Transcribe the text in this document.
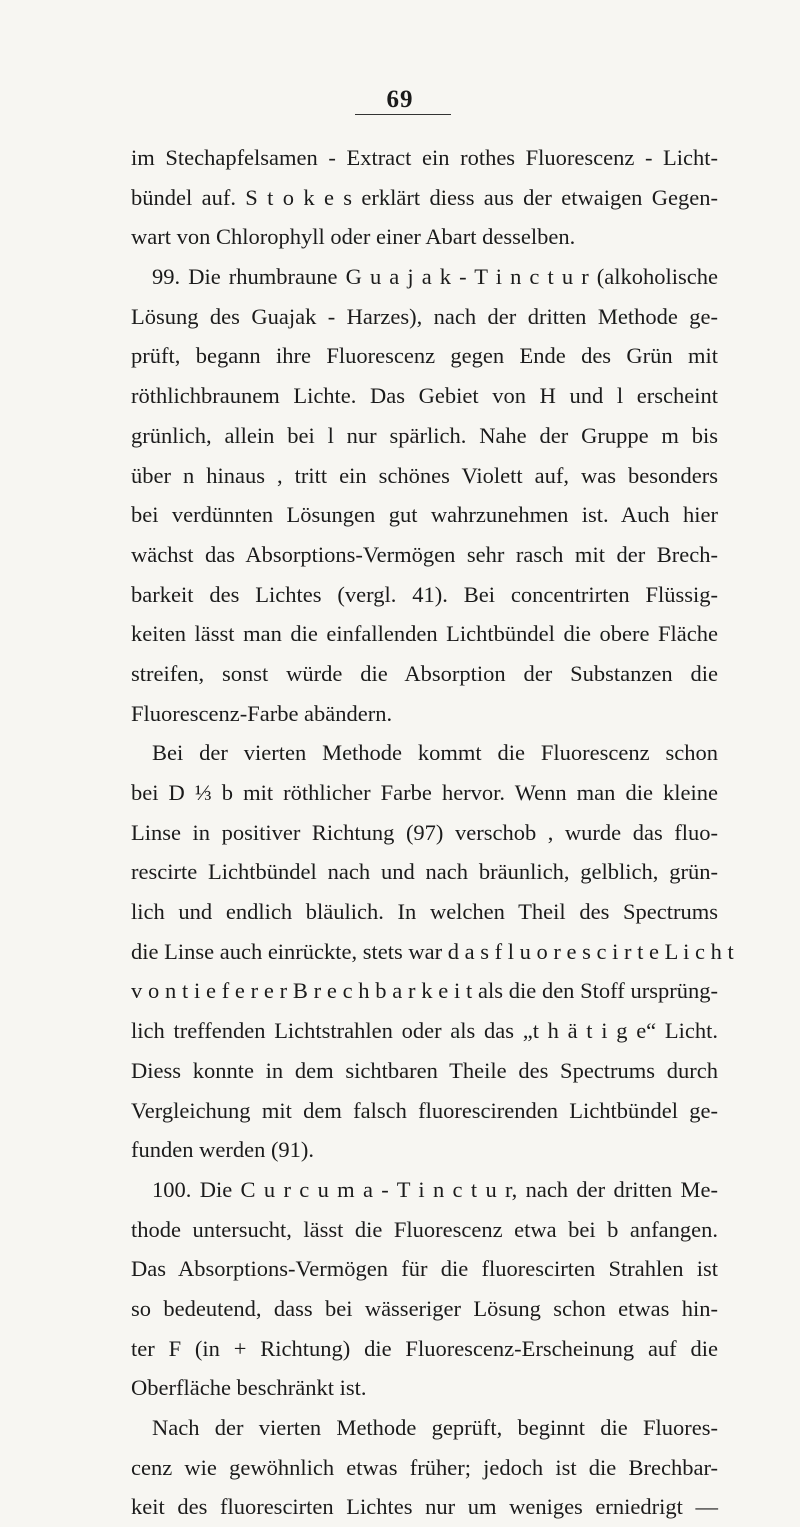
69
im Stechapfelsamen - Extract ein rothes Fluorescenz - Licht-
bündel auf. S t o k e s erklärt diess aus der etwaigen Gegen-
wart von Chlorophyll oder einer Abart desselben.
99. Die rhumbraune G u a j a k - T i n c t u r (alkoholische
Lösung des Guajak - Harzes), nach der dritten Methode ge-
prüft, begann ihre Fluorescenz gegen Ende des Grün mit
röthlichbraunem Lichte. Das Gebiet von H und l erscheint
grünlich, allein bei l nur spärlich. Nahe der Gruppe m bis
über n hinaus , tritt ein schönes Violett auf, was besonders
bei verdünnten Lösungen gut wahrzunehmen ist. Auch hier
wächst das Absorptions-Vermögen sehr rasch mit der Brech-
barkeit des Lichtes (vergl. 41). Bei concentrirten Flüssig-
keiten lässt man die einfallenden Lichtbündel die obere Fläche
streifen, sonst würde die Absorption der Substanzen die
Fluorescenz-Farbe abändern.
Bei der vierten Methode kommt die Fluorescenz schon
bei D ⅓ b mit röthlicher Farbe hervor. Wenn man die kleine
Linse in positiver Richtung (97) verschob , wurde das fluo-
rescirte Lichtbündel nach und nach bräunlich, gelblich, grün-
lich und endlich bläulich. In welchen Theil des Spectrums
die Linse auch einrückte, stets war d a s f l u o r e s c i r t e L i c h t
v o n t i e f e r e r B r e c h b a r k e i t als die den Stoff ursprüng-
lich treffenden Lichtstrahlen oder als das „t h ä t i g e“ Licht.
Diess konnte in dem sichtbaren Theile des Spectrums durch
Vergleichung mit dem falsch fluorescirenden Lichtbündel ge-
funden werden (91).
100. Die C u r c u m a - T i n c t u r, nach der dritten Me-
thode untersucht, lässt die Fluorescenz etwa bei b anfangen.
Das Absorptions-Vermögen für die fluorescirten Strahlen ist
so bedeutend, dass bei wässeriger Lösung schon etwas hin-
ter F (in + Richtung) die Fluorescenz-Erscheinung auf die
Oberfläche beschränkt ist.
Nach der vierten Methode geprüft, beginnt die Fluores-
cenz wie gewöhnlich etwas früher; jedoch ist die Brechbar-
keit des fluorescirten Lichtes nur um weniges erniedrigt —
